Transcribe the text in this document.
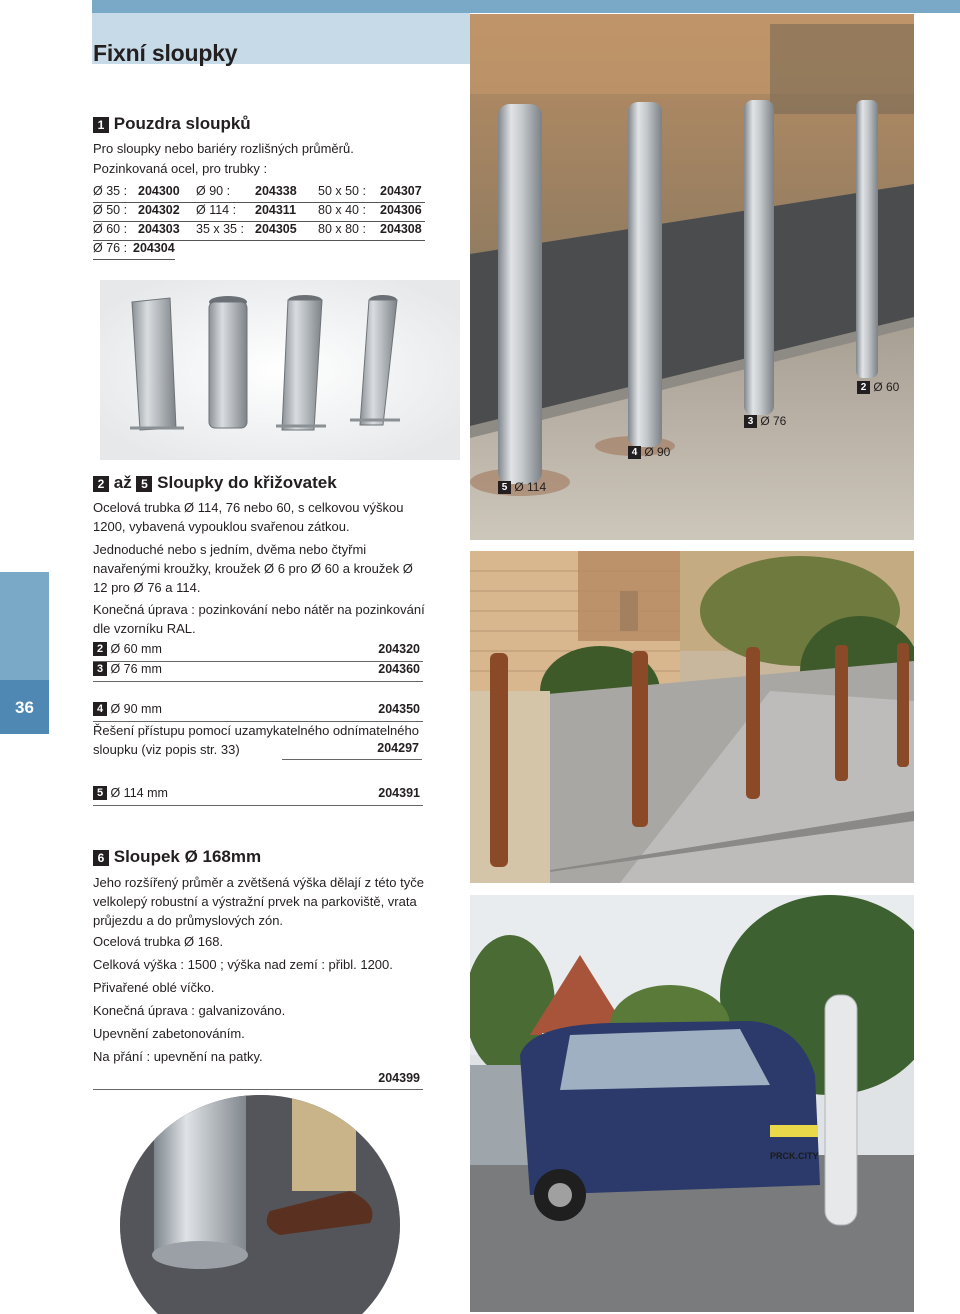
Fixní sloupky
36
1 Pouzdra sloupků
Pro sloupky nebo bariéry rozlišných průměrů.
Pozinkovaná ocel, pro trubky :
Ø 35 : 204300 Ø 90 : 204338 50 x 50 : 204307
Ø 50 : 204302 Ø 114 : 204311 80 x 40 : 204306
Ø 60 : 204303 35 x 35 : 204305 80 x 80 : 204308
Ø 76 : 204304
2 až 5 Sloupky do křižovatek
Ocelová trubka Ø 114, 76 nebo 60, s celkovou výškou 1200, vybavená vypouklou svařenou zátkou.
Jednoduché nebo s jedním, dvěma nebo čtyřmi navařenými kroužky, kroužek Ø 6 pro Ø 60 a kroužek Ø 12 pro Ø 76 a 114.
Konečná úprava : pozinkování nebo nátěr na pozinkování dle vzorníku RAL.
2 Ø 60 mm	204320
3 Ø 76 mm	204360
4 Ø 90 mm	204350
Řešení přístupu pomocí uzamykatelného odnímatelného
sloupku (viz popis str. 33)	204297
5 Ø 114 mm	204391
6 Sloupek Ø 168mm
Jeho rozšířený průměr a zvětšená výška dělají z této tyče velkolepý robustní a výstražní prvek na parkoviště, vrata průjezdu a do průmyslových zón.
Ocelová trubka Ø 168.
Celková výška : 1500 ; výška nad zemí : přibl. 1200.
Přivařené oblé víčko.
Konečná úprava : galvanizováno.
Upevnění zabetonováním.
Na přání : upevnění na patky.
204399
2 Ø 60
3 Ø 76
4 Ø 90
5 Ø 114
PRCK.CITY
